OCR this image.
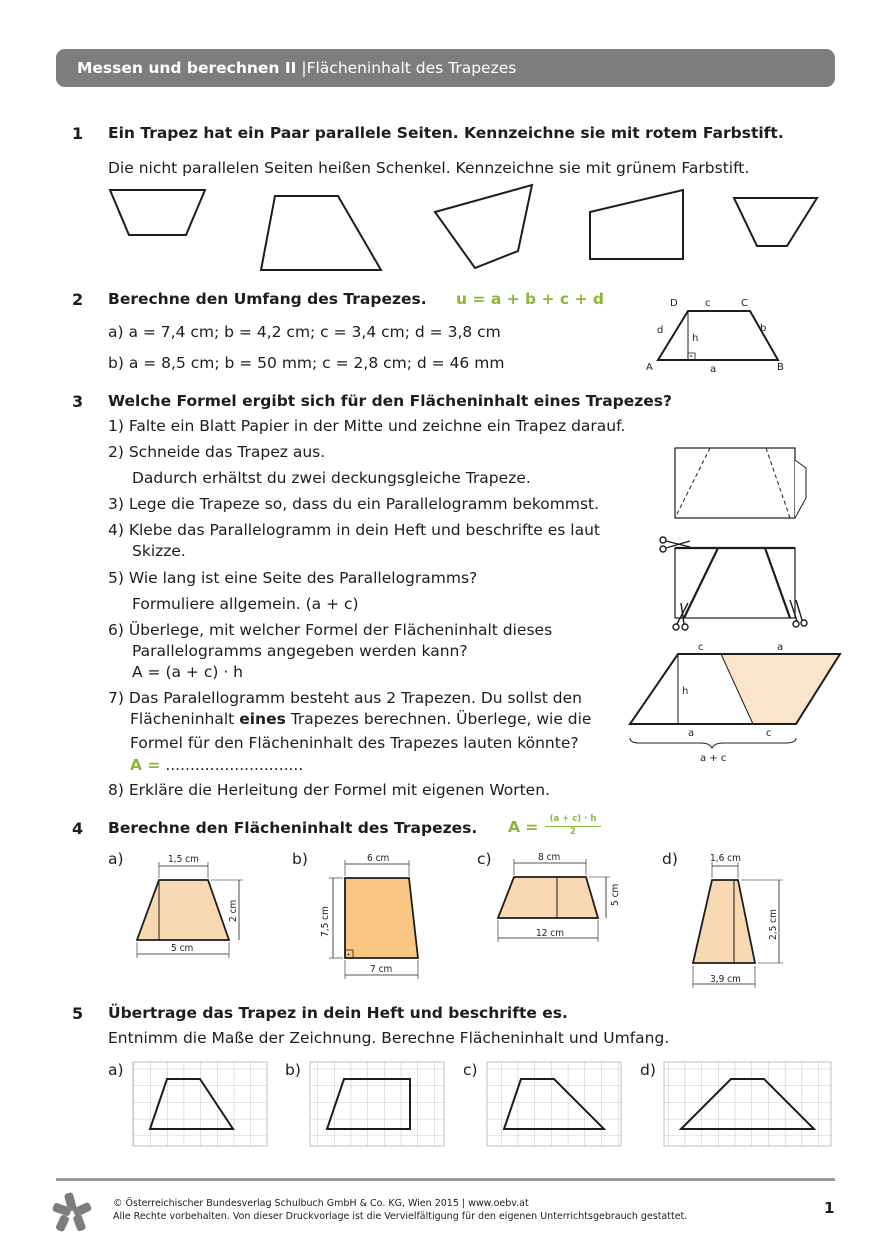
Messen und berechnen II |Flächeninhalt des Trapezes
1 Ein Trapez hat ein Paar parallele Seiten. Kennzeichne sie mit rotem Farbstift.
Die nicht parallelen Seiten heißen Schenkel. Kennzeichne sie mit grünem Farbstift.
2 Berechne den Umfang des Trapezes. u = a + b + c + d
a) a = 7,4 cm; b = 4,2 cm; c = 3,4 cm; d = 3,8 cm
b) a = 8,5 cm; b = 50 mm; c = 2,8 cm; d = 46 mm
D	c	C
d
h
b
A	a	B
3 Welche Formel ergibt sich für den Flächeninhalt eines Trapezes?
1) Falte ein Blatt Papier in der Mitte und zeichne ein Trapez darauf.
2) Schneide das Trapez aus.
Dadurch erhältst du zwei deckungsgleiche Trapeze.
3) Lege die Trapeze so, dass du ein Parallelogramm bekommst.
4) Klebe das Parallelogramm in dein Heft und beschrifte es laut
Skizze.
5) Wie lang ist eine Seite des Parallelogramms?
Formuliere allgemein. (a + c)
6) Überlege, mit welcher Formel der Flächeninhalt dieses
Parallelogramms angegeben werden kann?
A = (a + c) · h
7) Das Paralellogramm besteht aus 2 Trapezen. Du sollst den
Flächeninhalt eines Trapezes berechnen. Überlege, wie die
Formel für den Flächeninhalt des Trapezes lauten könnte?
A = ............................
8) Erkläre die Herleitung der Formel mit eigenen Worten.
c	a
h
a	c
a + c
4 Berechne den Flächeninhalt des Trapezes. A =	(a + c) · h
2
a)	b)	c)	d)
1,5 cm
2 cm
5 cm
6 cm
7,5 cm
7 cm
8 cm
5 cm
12 cm
1,6 cm
2,5 cm
3,9 cm
5 Übertrage das Trapez in dein Heft und beschrifte es.
Entnimm die Maße der Zeichnung. Berechne Flächeninhalt und Umfang.
a)	b)	c)	d)
© Österreichischer Bundesverlag Schulbuch GmbH & Co. KG, Wien 2015 | www.oebv.at
Alle Rechte vorbehalten. Von dieser Druckvorlage ist die Vervielfältigung für den eigenen Unterrichtsgebrauch gestattet.	1
